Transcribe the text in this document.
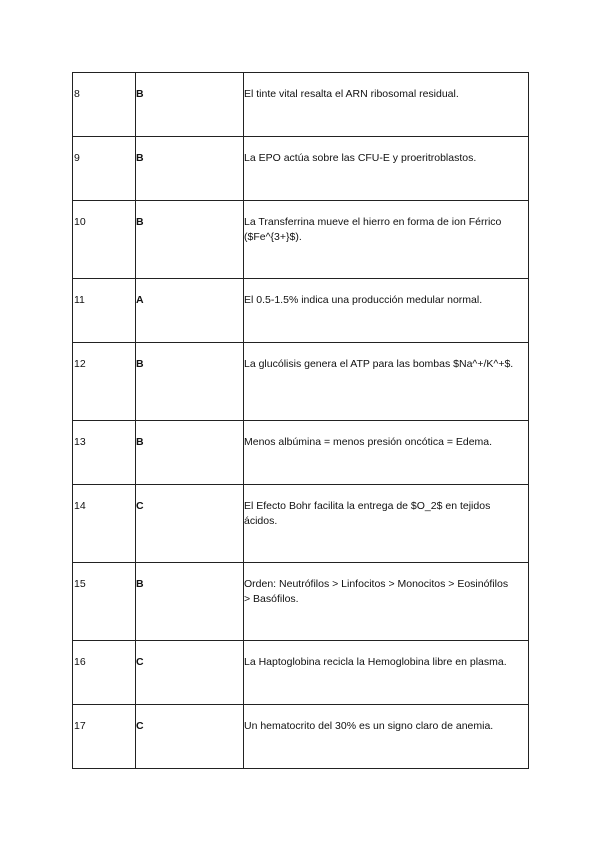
8	B	El tinte vital resalta el ARN ribosomal residual.
9	B	La EPO actúa sobre las CFU-E y proeritroblastos.
10	B	La Transferrina mueve el hierro en forma de ion Férrico ($Fe^{3+}$).
11	A	El 0.5-1.5% indica una producción medular normal.
12	B	La glucólisis genera el ATP para las bombas $Na^+/K^+$.
13	B	Menos albúmina = menos presión oncótica = Edema.
14	C	El Efecto Bohr facilita la entrega de $O_2$ en tejidos ácidos.
15	B	Orden: Neutrófilos > Linfocitos > Monocitos > Eosinófilos > Basófilos.
16	C	La Haptoglobina recicla la Hemoglobina libre en plasma.
17	C	Un hematocrito del 30% es un signo claro de anemia.
